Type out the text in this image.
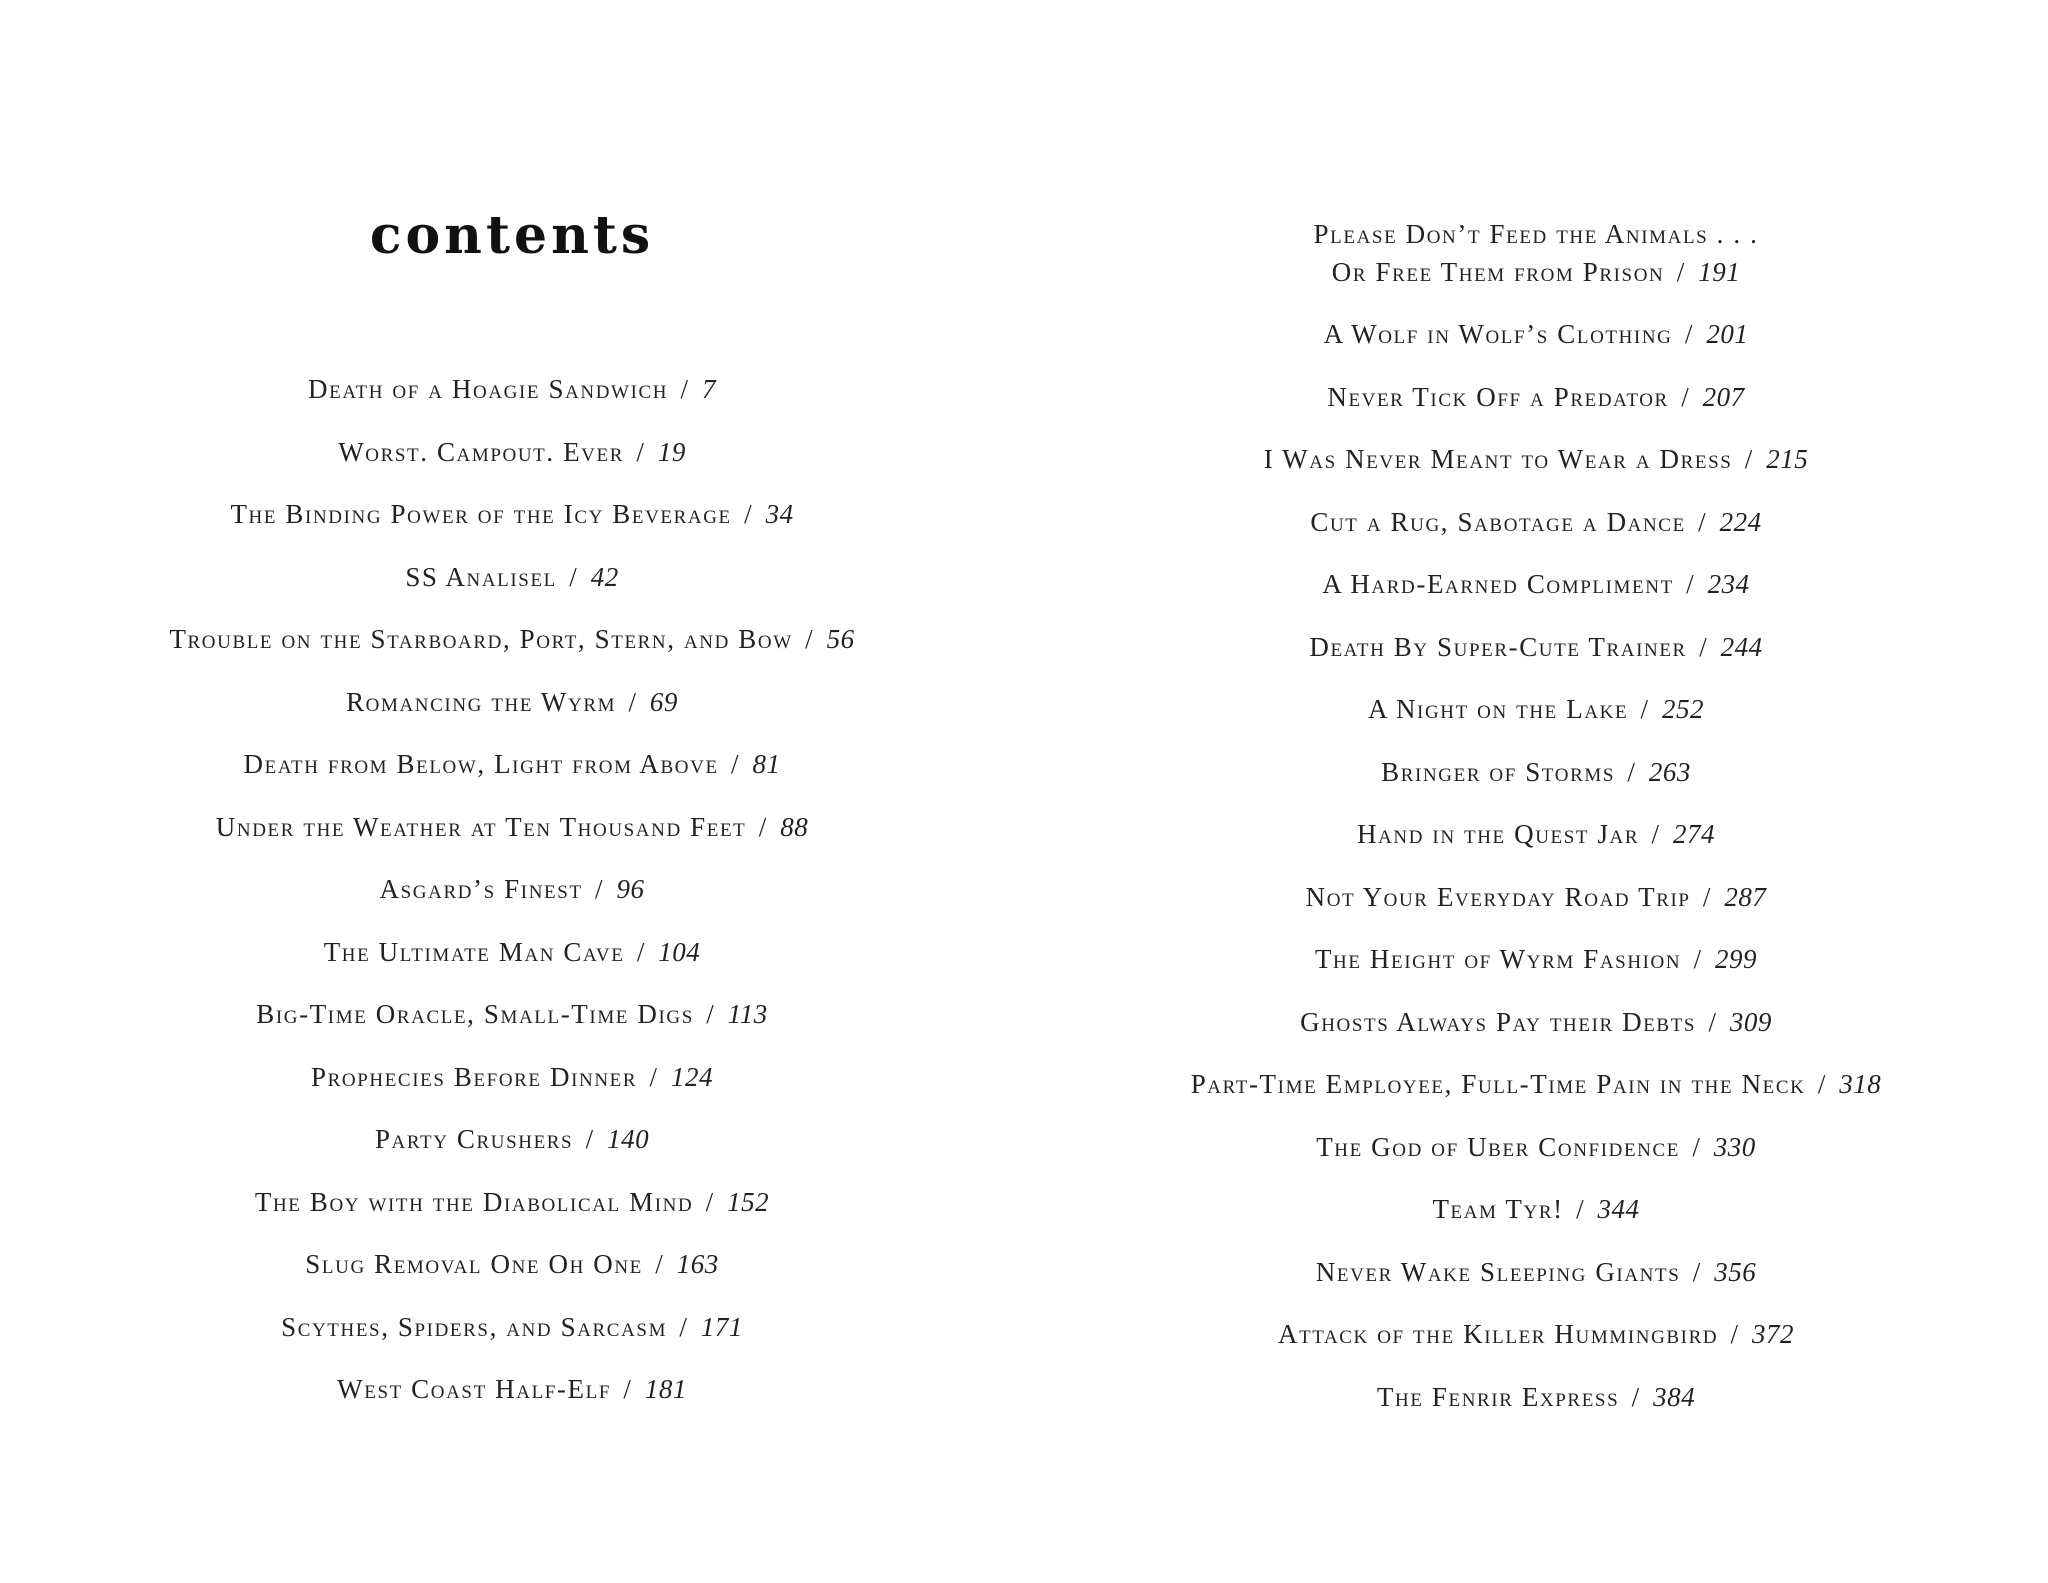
contents
Death of a Hoagie Sandwich / 7
Worst. Campout. Ever / 19
The Binding Power of the Icy Beverage / 34
SS Analisel / 42
Trouble on the Starboard, Port, Stern, and Bow / 56
Romancing the Wyrm / 69
Death from Below, Light from Above / 81
Under the Weather at Ten Thousand Feet / 88
Asgard’s Finest / 96
The Ultimate Man Cave / 104
Big-Time Oracle, Small-Time Digs / 113
Prophecies Before Dinner / 124
Party Crushers / 140
The Boy with the Diabolical Mind / 152
Slug Removal One Oh One / 163
Scythes, Spiders, and Sarcasm / 171
West Coast Half-Elf / 181
Please Don’t Feed the Animals . . .
Or Free Them from Prison / 191
A Wolf in Wolf’s Clothing / 201
Never Tick Off a Predator / 207
I Was Never Meant to Wear a Dress / 215
Cut a Rug, Sabotage a Dance / 224
A Hard-Earned Compliment / 234
Death By Super-Cute Trainer / 244
A Night on the Lake / 252
Bringer of Storms / 263
Hand in the Quest Jar / 274
Not Your Everyday Road Trip / 287
The Height of Wyrm Fashion / 299
Ghosts Always Pay their Debts / 309
Part-Time Employee, Full-Time Pain in the Neck / 318
The God of Uber Confidence / 330
Team Tyr! / 344
Never Wake Sleeping Giants / 356
Attack of the Killer Hummingbird / 372
The Fenrir Express / 384
